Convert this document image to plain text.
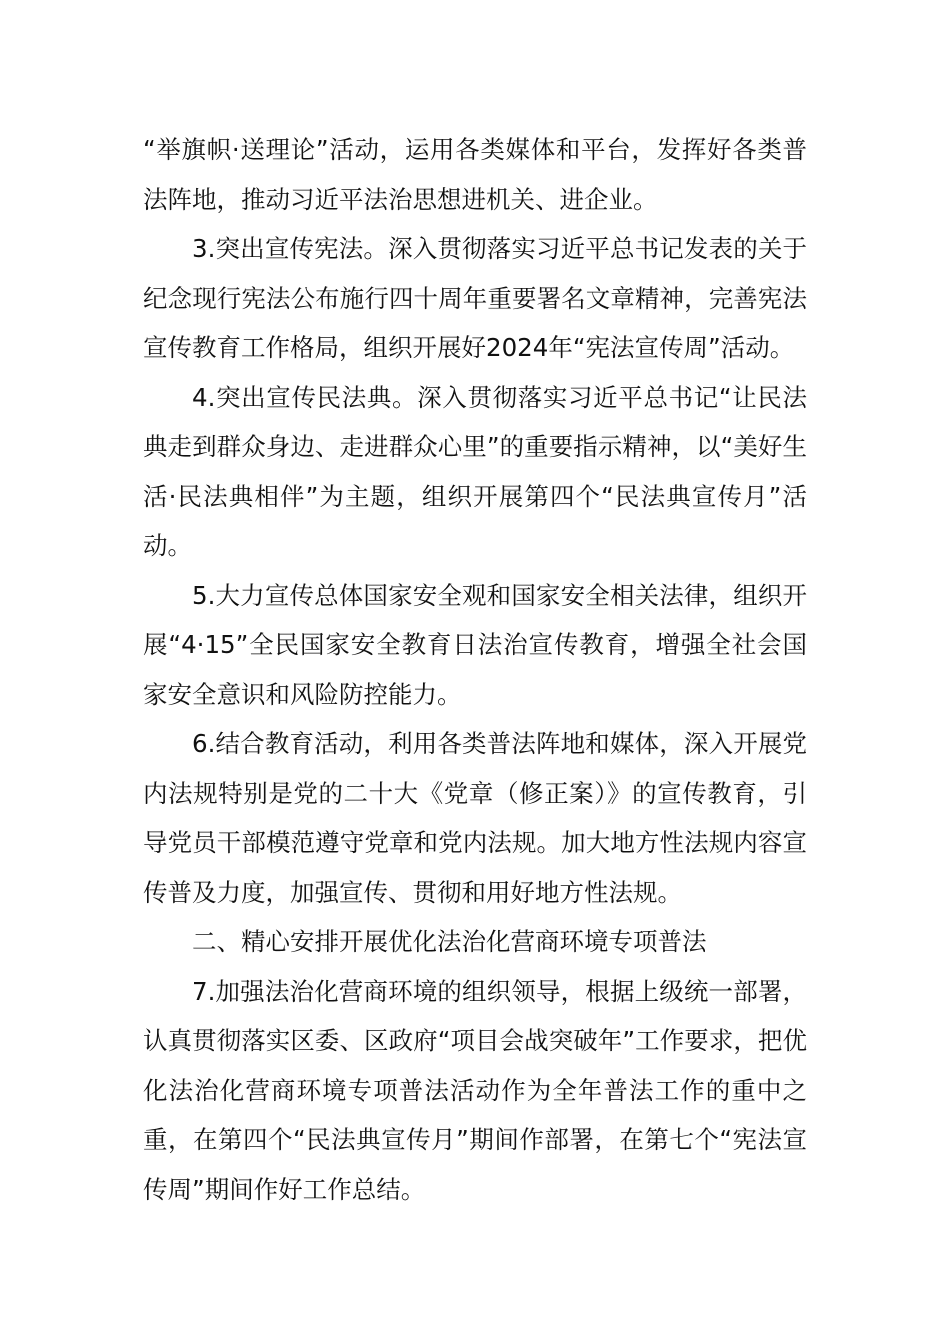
“举旗帜·送理论”活动，运用各类媒体和平台，发挥好各类普法阵地，推动习近平法治思想进机关、进企业。

3.突出宣传宪法。深入贯彻落实习近平总书记发表的关于纪念现行宪法公布施行四十周年重要署名文章精神，完善宪法宣传教育工作格局，组织开展好2024年“宪法宣传周”活动。

4.突出宣传民法典。深入贯彻落实习近平总书记“让民法典走到群众身边、走进群众心里”的重要指示精神，以“美好生活·民法典相伴”为主题，组织开展第四个“民法典宣传月”活动。

5.大力宣传总体国家安全观和国家安全相关法律，组织开展“4·15”全民国家安全教育日法治宣传教育，增强全社会国家安全意识和风险防控能力。

6.结合教育活动，利用各类普法阵地和媒体，深入开展党内法规特别是党的二十大《党章（修正案）》的宣传教育，引导党员干部模范遵守党章和党内法规。加大地方性法规内容宣传普及力度，加强宣传、贯彻和用好地方性法规。

二、精心安排开展优化法治化营商环境专项普法

7.加强法治化营商环境的组织领导，根据上级统一部署，认真贯彻落实区委、区政府“项目会战突破年”工作要求，把优化法治化营商环境专项普法活动作为全年普法工作的重中之重，在第四个“民法典宣传月”期间作部署，在第七个“宪法宣传周”期间作好工作总结。
